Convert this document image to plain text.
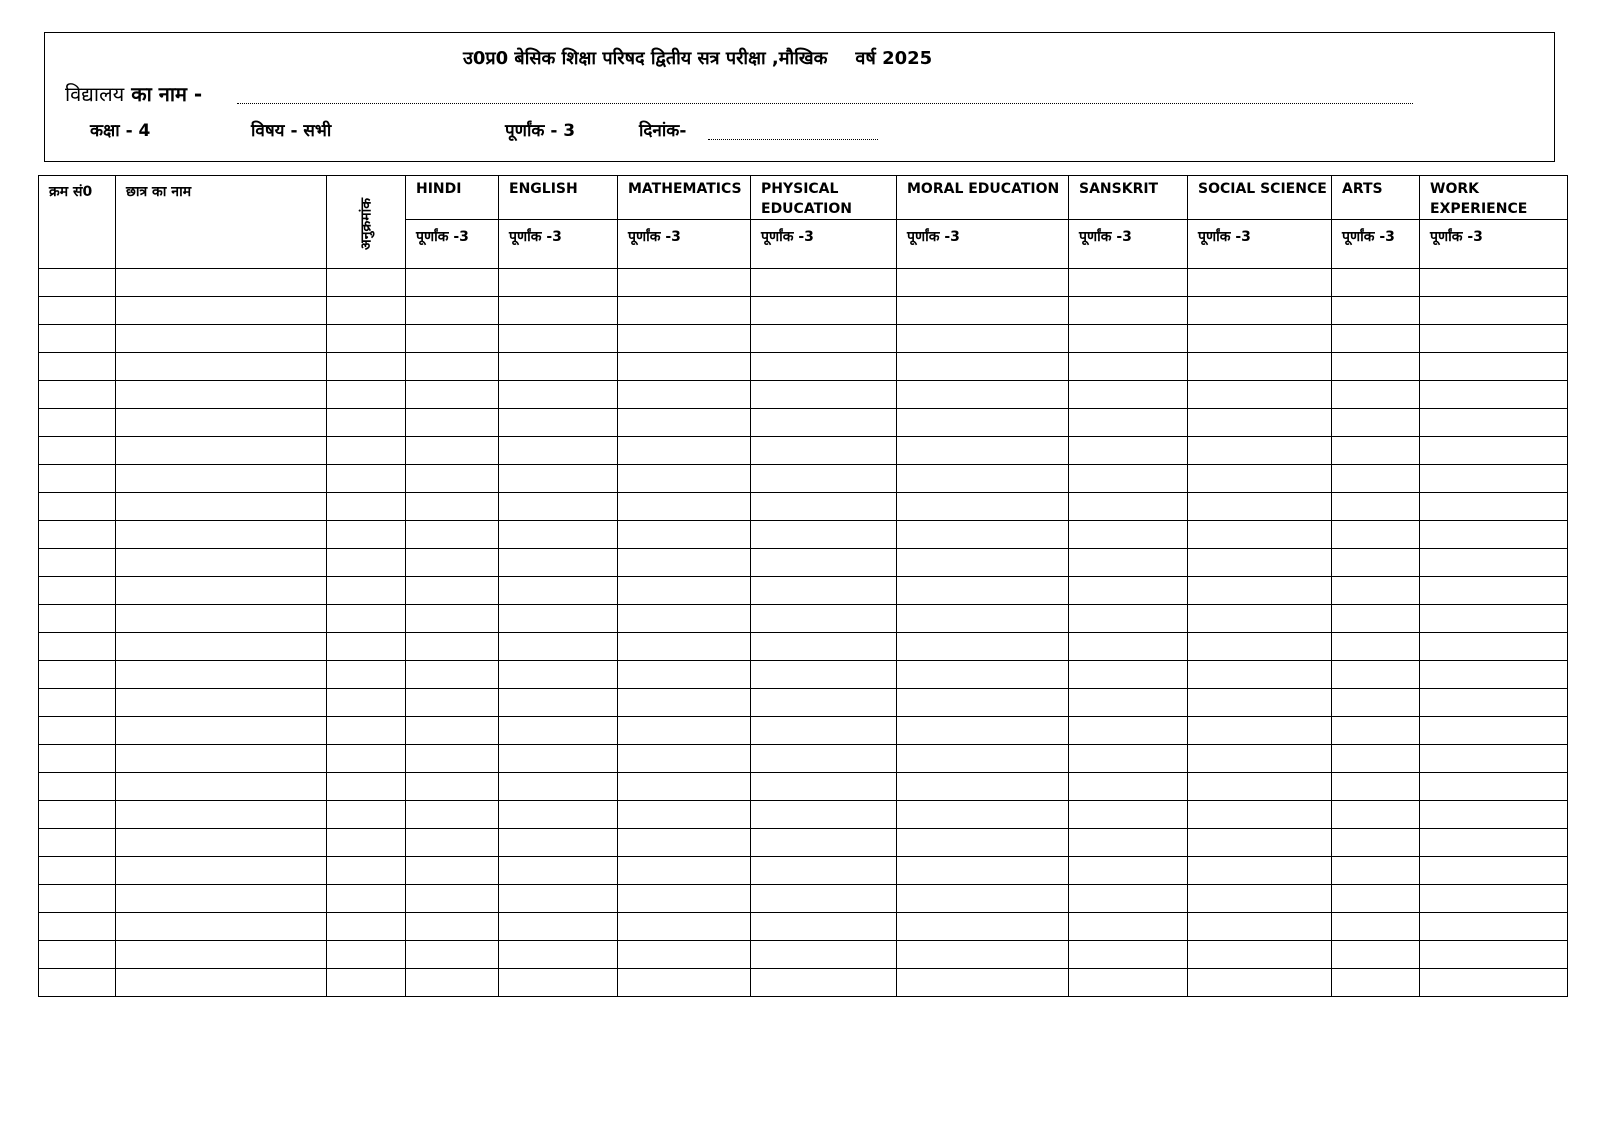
उ0प्र0 बेसिक शिक्षा परिषद द्वितीय सत्र परीक्षा ,मौखिक वर्ष 2025
विद्यालय का नाम -
कक्षा - 4	विषय - सभी	पूर्णांक - 3	दिनांक-
क्रम सं0	छात्र का नाम	अनुक्रमांक	HINDI	ENGLISH	MATHEMATICS	PHYSICAL EDUCATION	MORAL EDUCATION	SANSKRIT	SOCIAL SCIENCE	ARTS	WORK EXPERIENCE
			पूर्णांक -3	पूर्णांक -3	पूर्णांक -3	पूर्णांक -3	पूर्णांक -3	पूर्णांक -3	पूर्णांक -3	पूर्णांक -3	पूर्णांक -3
